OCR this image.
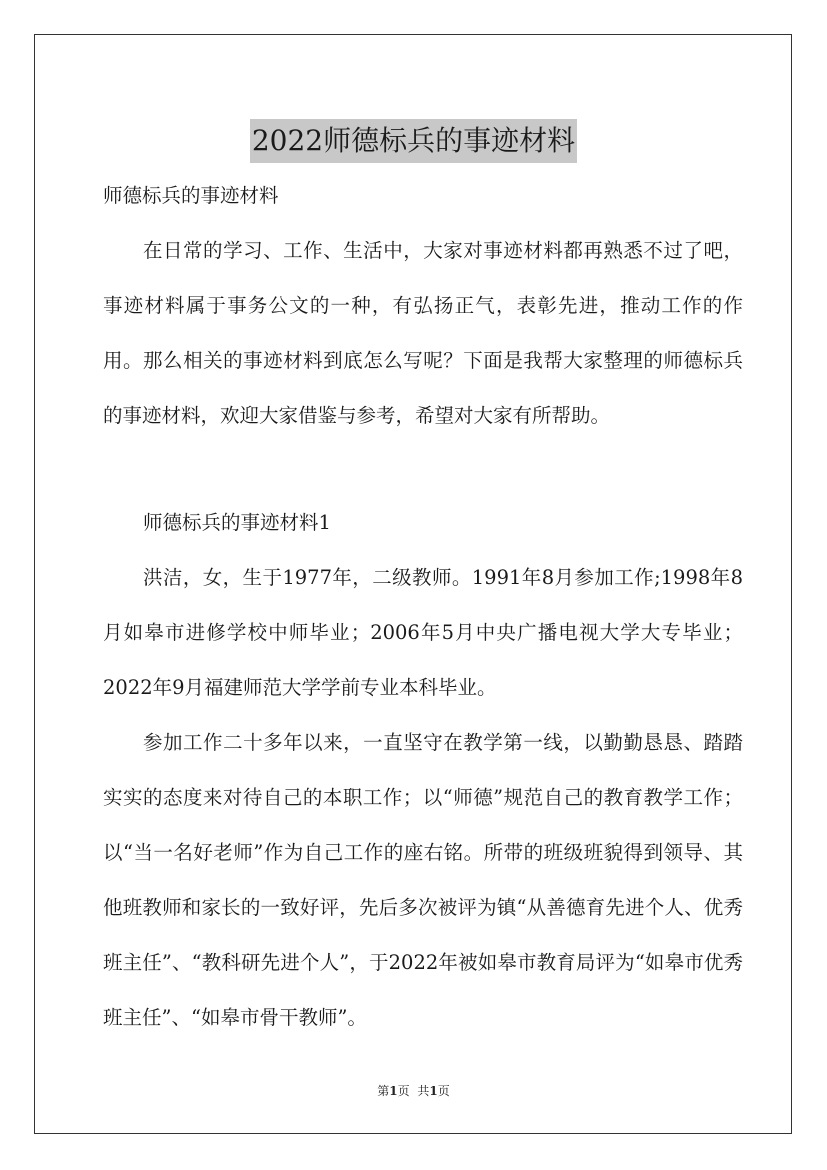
2022师德标兵的事迹材料

师德标兵的事迹材料

在日常的学习、工作、生活中，大家对事迹材料都再熟悉不过了吧，事迹材料属于事务公文的一种，有弘扬正气，表彰先进，推动工作的作用。那么相关的事迹材料到底怎么写呢？下面是我帮大家整理的师德标兵的事迹材料，欢迎大家借鉴与参考，希望对大家有所帮助。

师德标兵的事迹材料1

洪洁，女，生于1977年，二级教师。1991年8月参加工作;1998年8月如皋市进修学校中师毕业；2006年5月中央广播电视大学大专毕业；2022年9月福建师范大学学前专业本科毕业。

参加工作二十多年以来，一直坚守在教学第一线，以勤勤恳恳、踏踏实实的态度来对待自己的本职工作；以“师德”规范自己的教育教学工作；以“当一名好老师”作为自己工作的座右铭。所带的班级班貌得到领导、其他班教师和家长的一致好评，先后多次被评为镇“从善德育先进个人、优秀班主任”、“教科研先进个人”，于2022年被如皋市教育局评为“如皋市优秀班主任”、“如皋市骨干教师”。

第1页 共1页
